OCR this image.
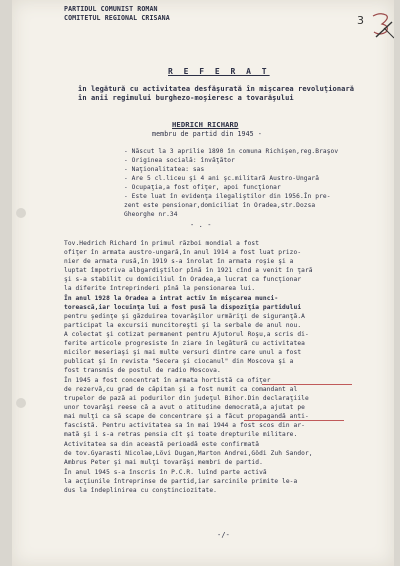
3
PARTIDUL COMUNIST ROMAN
COMITETUL REGIONAL CRISANA
R E F E R A T
în legătură cu activitatea desfăşurată în mişcarea revoluţionară
în anii regimului burghezo-moşieresc a tovarăşului
HEDRICH RICHARD
membru de partid din 1945 -
- Născut la 3 aprilie 1890 în comuna Richişen,reg.Braşov
- Originea socială: învăţător
- Naţionalitatea: sas
- Are 5 cl.liceu şi 4 ani şc.militară Austro-Ungară
- Ocupaţia,a fost ofiţer, apoi funcţionar
- Este luat în evidenţa ilegaliştilor din 1956.În pre-
zent este pensionar,domiciliat în Oradea,str.Dozsa
Gheorghe nr.34
- . -
Tov.Hedrich Richard în primul război mondial a fost
ofiţer în armata austro-ungară,în anul 1914 a fost luat prizo-
nier de armata rusă,în 1919 s-a înrolat în armata roşie şi a
luptat împotriva albgardiştilor pînă în 1921 cînd a venit în ţară
şi s-a stabilit cu domiciliul în Oradea,a lucrat ca funcţionar
la diferite întreprinderi pînă la pensionarea lui.
În anul 1928 la Oradea a intrat activ în mişcarea munci-
torească,iar locuinţa lui a fost pusă la dispoziţia partidului
pentru şedinţe şi găzduirea tovarăşilor urmăriţi de siguranţă.A
participat la excursii muncitoreşti şi la serbale de anul nou.
A colectat şi cotizat permanent pentru Ajutorul Roşu,a scris di-
ferite articole progresiste în ziare în legătură cu activitatea
micilor meseriaşi şi mai multe versuri dintre care unul a fost
publicat şi în revista "Secera şi ciocanul" din Moscova şi a
fost transmis de postul de radio Moscova.
În 1945 a fost concentrat în armata hortistă ca ofiţer
de rezervă,cu grad de căpitan şi a fost numit ca comandant al
trupelor de pază ai podurilor din judeţul Bihor.Din declaraţiile
unor tovarăşi reese că a avut o atitudine democrată,a ajutat pe
mai mulţi ca să scape de concentrare şi a făcut propagandă anti-
fascistă. Pentru activitatea sa în mai 1944 a fost scos din ar-
mată şi i s-a retras pensia cît şi toate drepturile militare.
Activitatea sa din această perioadă este confirmată
de tov.Gyarasti Nicolae,Lövi Dugan,Marton Andrei,Gödi Zuh Sandor,
Ambrus Peter şi mai mulţi tovarăşi membri de partid.
În anul 1945 s-a înscris în P.C.R. luînd parte activă
la acţiunile întreprinse de partid,iar sarcinile primite le-a
dus la îndeplinirea cu conştinciozitate.
-/-
